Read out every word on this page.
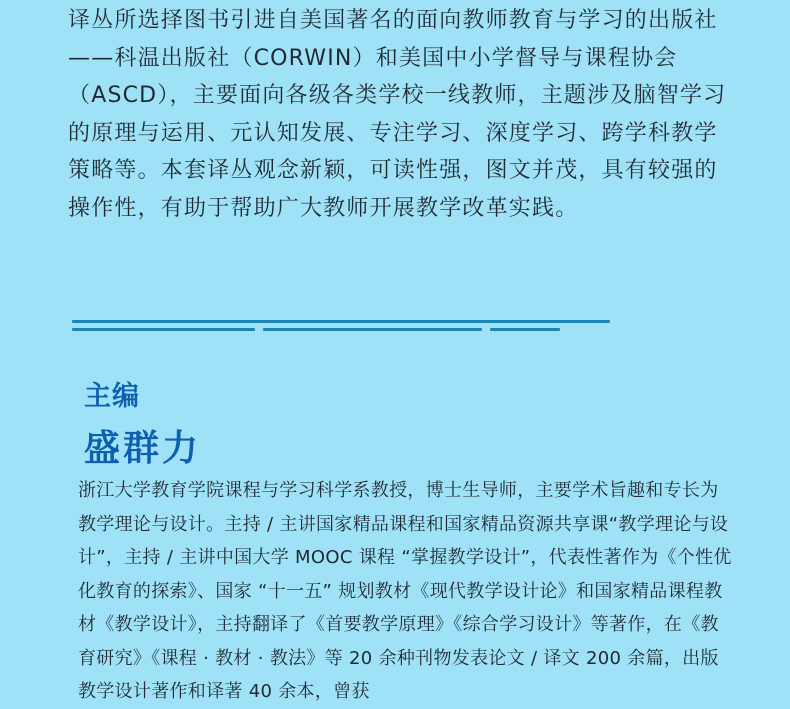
译丛所选择图书引进自美国著名的面向教师教育与学习的出版社——科温出版社（CORWIN）和美国中小学督导与课程协会（ASCD），主要面向各级各类学校一线教师，主题涉及脑智学习的原理与运用、元认知发展、专注学习、深度学习、跨学科教学策略等。本套译丛观念新颖，可读性强，图文并茂，具有较强的操作性，有助于帮助广大教师开展教学改革实践。

主编
盛群力

浙江大学教育学院课程与学习科学系教授，博士生导师，主要学术旨趣和专长为教学理论与设计。主持 / 主讲国家精品课程和国家精品资源共享课“教学理论与设计”，主持 / 主讲中国大学 MOOC 课程 “掌握教学设计”，代表性著作为《个性优化教育的探索》、国家 “十一五” 规划教材《现代教学设计论》和国家精品课程教材《教学设计》，主持翻译了《首要教学原理》《综合学习设计》等著作，在《教育研究》《课程 · 教材 · 教法》等 20 余种刊物发表论文 / 译文 200 余篇，出版教学设计著作和译著 40 余本，曾获
